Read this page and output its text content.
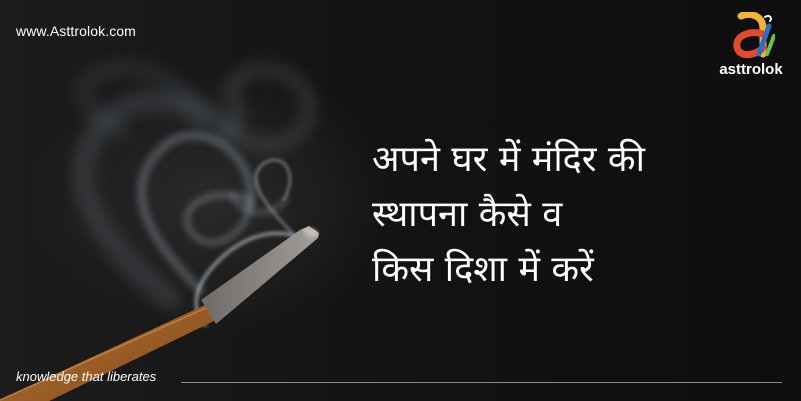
www.Asttrolok.com
asttrolok
अपने घर में मंदिर की
स्थापना कैसे व
किस दिशा में करें
knowledge that liberates
